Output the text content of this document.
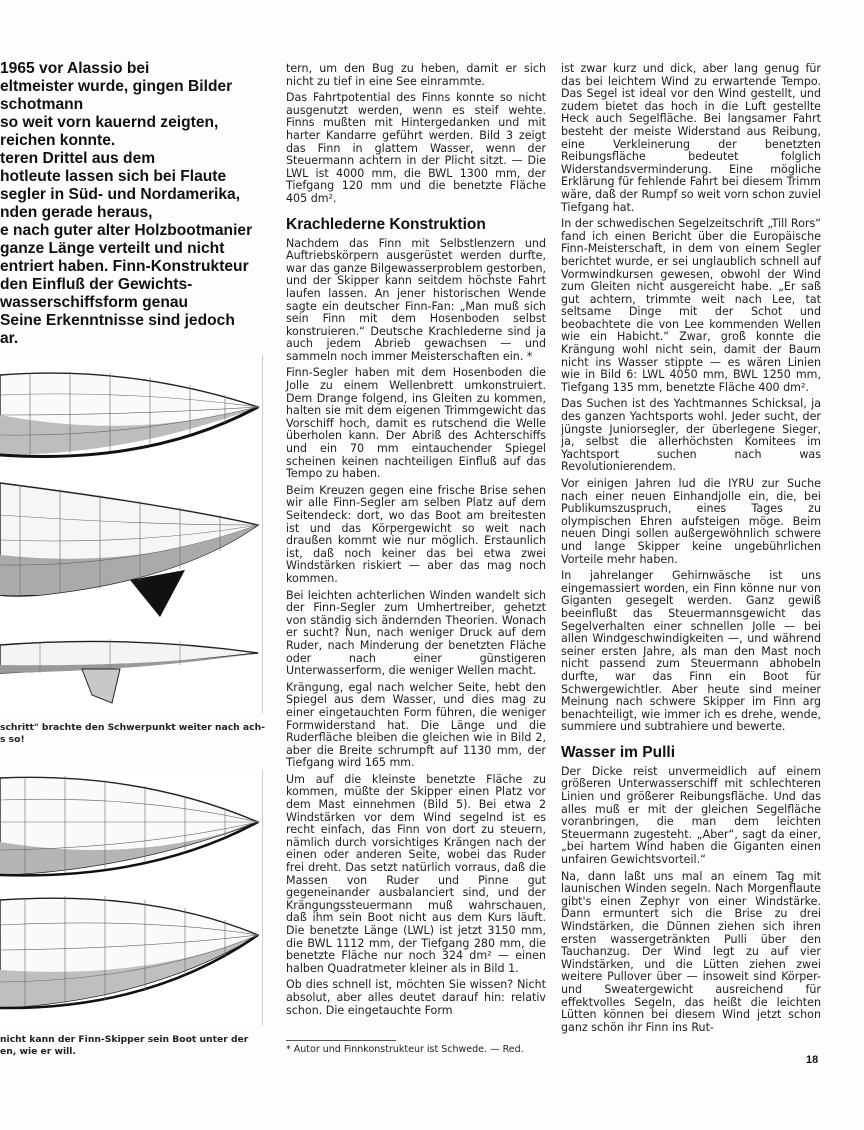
1965 vor Alassio bei
eltmeister wurde, gingen Bilder
schotmann
so weit vorn kauernd zeigten,
reichen konnte.
teren Drittel aus dem
hotleute lassen sich bei Flaute
segler in Süd- und Nordamerika,
nden gerade heraus,
e nach guter alter Holzbootmanier
ganze Länge verteilt und nicht
entriert haben. Finn-Konstrukteur
den Einfluß der Gewichts-
wasserschiffsform genau
Seine Erkenntnisse sind jedoch
ar.
schritt" brachte den Schwerpunkt weiter nach ach-
s so!
nicht kann der Finn-Skipper sein Boot unter der
en, wie er will.

tern, um den Bug zu heben, damit er sich nicht zu tief in eine See einrammte.

Das Fahrtpotential des Finns konnte so nicht ausgenutzt werden, wenn es steif wehte. Finns mußten mit Hintergedanken und mit harter Kandarre geführt werden. Bild 3 zeigt das Finn in glattem Wasser, wenn der Steuermann achtern in der Plicht sitzt. — Die LWL ist 4000 mm, die BWL 1300 mm, der Tiefgang 120 mm und die benetzte Fläche 405 dm².

Krachlederne Konstruktion

Nachdem das Finn mit Selbstlenzern und Auftriebskörpern ausgerüstet werden durfte, war das ganze Bilgewasserproblem gestorben, und der Skipper kann seitdem höchste Fahrt laufen lassen. An jener historischen Wende sagte ein deutscher Finn-Fan: „Man muß sich sein Finn mit dem Hosenboden selbst konstruieren.“ Deutsche Krachlederne sind ja auch jedem Abrieb gewachsen — und sammeln noch immer Meisterschaften ein. *

Finn-Segler haben mit dem Hosenboden die Jolle zu einem Wellenbrett umkonstruiert. Dem Drange folgend, ins Gleiten zu kommen, halten sie mit dem eigenen Trimmgewicht das Vorschiff hoch, damit es rutschend die Welle überholen kann. Der Abriß des Achterschiffs und ein 70 mm eintauchender Spiegel scheinen keinen nachteiligen Einfluß auf das Tempo zu haben.

Beim Kreuzen gegen eine frische Brise sehen wir alle Finn-Segler am selben Platz auf dem Seitendeck: dort, wo das Boot am breitesten ist und das Körpergewicht so weit nach draußen kommt wie nur möglich. Erstaunlich ist, daß noch keiner das bei etwa zwei Windstärken riskiert — aber das mag noch kommen.

Bei leichten achterlichen Winden wandelt sich der Finn-Segler zum Umhertreiber, gehetzt von ständig sich ändernden Theorien. Wonach er sucht? Nun, nach weniger Druck auf dem Ruder, nach Minderung der benetzten Fläche oder nach einer günstigeren Unterwasserform, die weniger Wellen macht.

Krängung, egal nach welcher Seite, hebt den Spiegel aus dem Wasser, und dies mag zu einer eingetauchten Form führen, die weniger Formwiderstand hat. Die Länge und die Ruderfläche bleiben die gleichen wie in Bild 2, aber die Breite schrumpft auf 1130 mm, der Tiefgang wird 165 mm.

Um auf die kleinste benetzte Fläche zu kommen, müßte der Skipper einen Platz vor dem Mast einnehmen (Bild 5). Bei etwa 2 Windstärken vor dem Wind segelnd ist es recht einfach, das Finn von dort zu steuern, nämlich durch vorsichtiges Krängen nach der einen oder anderen Seite, wobei das Ruder frei dreht. Das setzt natürlich vorraus, daß die Massen von Ruder und Pinne gut gegeneinander ausbalanciert sind, und der Krängungssteuermann muß wahrschauen, daß ihm sein Boot nicht aus dem Kurs läuft. Die benetzte Länge (LWL) ist jetzt 3150 mm, die BWL 1112 mm, der Tiefgang 280 mm, die benetzte Fläche nur noch 324 dm² — einen halben Quadratmeter kleiner als in Bild 1.

Ob dies schnell ist, möchten Sie wissen? Nicht absolut, aber alles deutet darauf hin: relativ schon. Die eingetauchte Form

* Autor und Finnkonstrukteur ist Schwede. — Red.

ist zwar kurz und dick, aber lang genug für das bei leichtem Wind zu erwartende Tempo. Das Segel ist ideal vor den Wind gestellt, und zudem bietet das hoch in die Luft gestellte Heck auch Segelfläche. Bei langsamer Fahrt besteht der meiste Widerstand aus Reibung, eine Verkleinerung der benetzten Reibungsfläche bedeutet folglich Widerstandsverminderung. Eine mögliche Erklärung für fehlende Fahrt bei diesem Trimm wäre, daß der Rumpf so weit vorn schon zuviel Tiefgang hat.

In der schwedischen Segelzeitschrift „Till Rors“ fand ich einen Bericht über die Europäische Finn-Meisterschaft, in dem von einem Segler berichtet wurde, er sei unglaublich schnell auf Vormwindkursen gewesen, obwohl der Wind zum Gleiten nicht ausgereicht habe. „Er saß gut achtern, trimmte weit nach Lee, tat seltsame Dinge mit der Schot und beobachtete die von Lee kommenden Wellen wie ein Habicht.“ Zwar, groß konnte die Krängung wohl nicht sein, damit der Baum nicht ins Wasser stippte — es wären Linien wie in Bild 6: LWL 4050 mm, BWL 1250 mm, Tiefgang 135 mm, benetzte Fläche 400 dm².

Das Suchen ist des Yachtmannes Schicksal, ja des ganzen Yachtsports wohl. Jeder sucht, der jüngste Juniorsegler, der überlegene Sieger, ja, selbst die allerhöchsten Komitees im Yachtsport suchen nach was Revolutionierendem.

Vor einigen Jahren lud die IYRU zur Suche nach einer neuen Einhandjolle ein, die, bei Publikumszuspruch, eines Tages zu olympischen Ehren aufsteigen möge. Beim neuen Dingi sollen außergewöhnlich schwere und lange Skipper keine ungebührlichen Vorteile mehr haben.

In jahrelanger Gehirnwäsche ist uns eingemassiert worden, ein Finn könne nur von Giganten gesegelt werden. Ganz gewiß beeinflußt das Steuermannsgewicht das Segelverhalten einer schnellen Jolle — bei allen Windgeschwindigkeiten —, und während seiner ersten Jahre, als man den Mast noch nicht passend zum Steuermann abhobeln durfte, war das Finn ein Boot für Schwergewichtler. Aber heute sind meiner Meinung nach schwere Skipper im Finn arg benachteiligt, wie immer ich es drehe, wende, summiere und subtrahiere und bewerte.

Wasser im Pulli

Der Dicke reist unvermeidlich auf einem größeren Unterwasserschiff mit schlechteren Linien und größerer Reibungsfläche. Und das alles muß er mit der gleichen Segelfläche voranbringen, die man dem leichten Steuermann zugesteht. „Aber“, sagt da einer, „bei hartem Wind haben die Giganten einen unfairen Gewichtsvorteil.“

Na, dann laßt uns mal an einem Tag mit launischen Winden segeln. Nach Morgenflaute gibt's einen Zephyr von einer Windstärke. Dann ermuntert sich die Brise zu drei Windstärken, die Dünnen ziehen sich ihren ersten wassergetränkten Pulli über den Tauchanzug. Der Wind legt zu auf vier Windstärken, und die Lütten ziehen zwei weitere Pullover über — insoweit sind Körper- und Sweatergewicht ausreichend für effektvolles Segeln, das heißt die leichten Lütten können bei diesem Wind jetzt schon ganz schön ihr Finn ins Rut-

18
